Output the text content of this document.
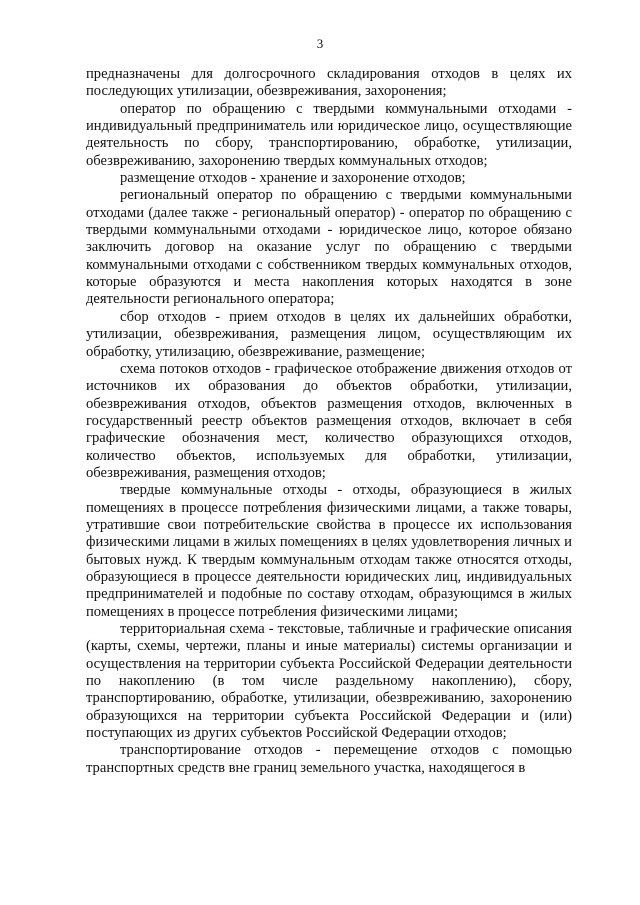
3

предназначены для долгосрочного складирования отходов в целях их последующих утилизации, обезвреживания, захоронения;

оператор по обращению с твердыми коммунальными отходами - индивидуальный предприниматель или юридическое лицо, осуществляющие деятельность по сбору, транспортированию, обработке, утилизации, обезвреживанию, захоронению твердых коммунальных отходов;

размещение отходов - хранение и захоронение отходов;

региональный оператор по обращению с твердыми коммунальными отходами (далее также - региональный оператор) - оператор по обращению с твердыми коммунальными отходами - юридическое лицо, которое обязано заключить договор на оказание услуг по обращению с твердыми коммунальными отходами с собственником твердых коммунальных отходов, которые образуются и места накопления которых находятся в зоне деятельности регионального оператора;

сбор отходов - прием отходов в целях их дальнейших обработки, утилизации, обезвреживания, размещения лицом, осуществляющим их обработку, утилизацию, обезвреживание, размещение;

схема потоков отходов - графическое отображение движения отходов от источников их образования до объектов обработки, утилизации, обезвреживания отходов, объектов размещения отходов, включенных в государственный реестр объектов размещения отходов, включает в себя графические обозначения мест, количество образующихся отходов, количество объектов, используемых для обработки, утилизации, обезвреживания, размещения отходов;

твердые коммунальные отходы - отходы, образующиеся в жилых помещениях в процессе потребления физическими лицами, а также товары, утратившие свои потребительские свойства в процессе их использования физическими лицами в жилых помещениях в целях удовлетворения личных и бытовых нужд. К твердым коммунальным отходам также относятся отходы, образующиеся в процессе деятельности юридических лиц, индивидуальных предпринимателей и подобные по составу отходам, образующимся в жилых помещениях в процессе потребления физическими лицами;

территориальная схема - текстовые, табличные и графические описания (карты, схемы, чертежи, планы и иные материалы) системы организации и осуществления на территории субъекта Российской Федерации деятельности по накоплению (в том числе раздельному накоплению), сбору, транспортированию, обработке, утилизации, обезвреживанию, захоронению образующихся на территории субъекта Российской Федерации и (или) поступающих из других субъектов Российской Федерации отходов;

транспортирование отходов - перемещение отходов с помощью транспортных средств вне границ земельного участка, находящегося в
